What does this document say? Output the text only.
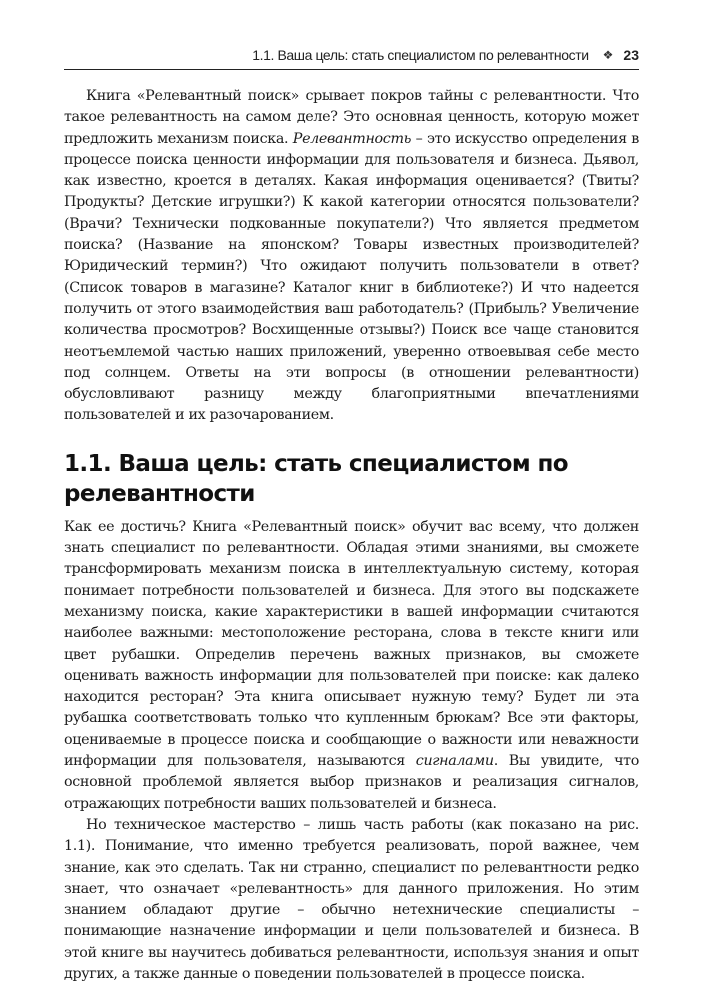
1.1. Ваша цель: стать специалистом по релевантности ❖ 23

Книга «Релевантный поиск» срывает покров тайны с релевантности. Что такое релевантность на самом деле? Это основная ценность, которую может предложить механизм поиска. Релевантность – это искусство определения в процессе поиска ценности информации для пользователя и бизнеса. Дьявол, как известно, кроется в деталях. Какая информация оценивается? (Твиты? Продукты? Детские игрушки?) К какой категории относятся пользователи? (Врачи? Технически подкованные покупатели?) Что является предметом поиска? (Название на японском? Товары известных производителей? Юридический термин?) Что ожидают получить пользователи в ответ? (Список товаров в магазине? Каталог книг в библиотеке?) И что надеется получить от этого взаимодействия ваш работодатель? (Прибыль? Увеличение количества просмотров? Восхищенные отзывы?) Поиск все чаще становится неотъемлемой частью наших приложений, уверенно отвоевывая себе место под солнцем. Ответы на эти вопросы (в отношении релевантности) обусловливают разницу между благоприятными впечатлениями пользователей и их разочарованием.

1.1. Ваша цель: стать специалистом по релевантности

Как ее достичь? Книга «Релевантный поиск» обучит вас всему, что должен знать специалист по релевантности. Обладая этими знаниями, вы сможете трансформировать механизм поиска в интеллектуальную систему, которая понимает потребности пользователей и бизнеса. Для этого вы подскажете механизму поиска, какие характеристики в вашей информации считаются наиболее важными: местоположение ресторана, слова в тексте книги или цвет рубашки. Определив перечень важных признаков, вы сможете оценивать важность информации для пользователей при поиске: как далеко находится ресторан? Эта книга описывает нужную тему? Будет ли эта рубашка соответствовать только что купленным брюкам? Все эти факторы, оцениваемые в процессе поиска и сообщающие о важности или неважности информации для пользователя, называются сигналами. Вы увидите, что основной проблемой является выбор признаков и реализация сигналов, отражающих потребности ваших пользователей и бизнеса.

Но техническое мастерство – лишь часть работы (как показано на рис. 1.1). Понимание, что именно требуется реализовать, порой важнее, чем знание, как это сделать. Так ни странно, специалист по релевантности редко знает, что означает «релевантность» для данного приложения. Но этим знанием обладают другие – обычно нетехнические специалисты – понимающие назначение информации и цели пользователей и бизнеса. В этой книге вы научитесь добиваться релевантности, используя знания и опыт других, а также данные о поведении пользователей в процессе поиска.
